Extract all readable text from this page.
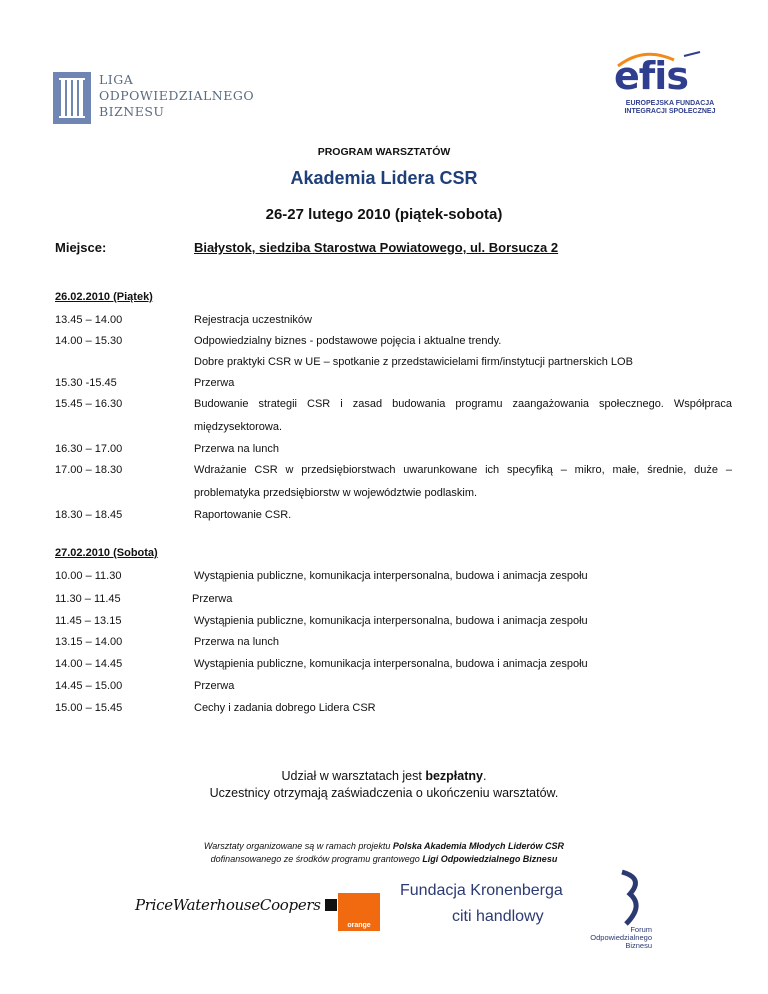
LIGA
ODPOWIEDZIALNEGO
BIZNESU
efis
EUROPEJSKA FUNDACJA
INTEGRACJI SPOŁECZNEJ
PROGRAM WARSZTATÓW
Akademia Lidera CSR
26-27 lutego 2010 (piątek-sobota)
Miejsce:	Białystok, siedziba Starostwa Powiatowego, ul. Borsucza 2
26.02.2010 (Piątek)
13.45 – 14.00	Rejestracja uczestników
14.00 – 15.30	Odpowiedzialny biznes - podstawowe pojęcia i aktualne trendy.
Dobre praktyki CSR w UE – spotkanie z przedstawicielami firm/instytucji partnerskich LOB
15.30 -15.45	Przerwa
15.45 – 16.30	Budowanie strategii CSR i zasad budowania programu zaangażowania społecznego. Współpraca
międzysektorowa.
16.30 – 17.00	Przerwa na lunch
17.00 – 18.30	Wdrażanie CSR w przedsiębiorstwach uwarunkowane ich specyfiką – mikro, małe, średnie, duże –
problematyka przedsiębiorstw w województwie podlaskim.
18.30 – 18.45	Raportowanie CSR.
27.02.2010 (Sobota)
10.00 – 11.30	Wystąpienia publiczne, komunikacja interpersonalna, budowa i animacja zespołu
11.30 – 11.45	Przerwa
11.45 – 13.15	Wystąpienia publiczne, komunikacja interpersonalna, budowa i animacja zespołu
13.15 – 14.00	Przerwa na lunch
14.00 – 14.45	Wystąpienia publiczne, komunikacja interpersonalna, budowa i animacja zespołu
14.45 – 15.00	Przerwa
15.00 – 15.45	Cechy i zadania dobrego Lidera CSR
Udział w warsztatach jest bezpłatny.
Uczestnicy otrzymają zaświadczenia o ukończeniu warsztatów.
Warsztaty organizowane są w ramach projektu Polska Akademia Młodych Liderów CSR
dofinansowanego ze środków programu grantowego Ligi Odpowiedzialnego Biznesu
PriceWaterhouseCoopers
orange
Fundacja Kronenberga
citi handlowy
Forum
Odpowiedzialnego
Biznesu
